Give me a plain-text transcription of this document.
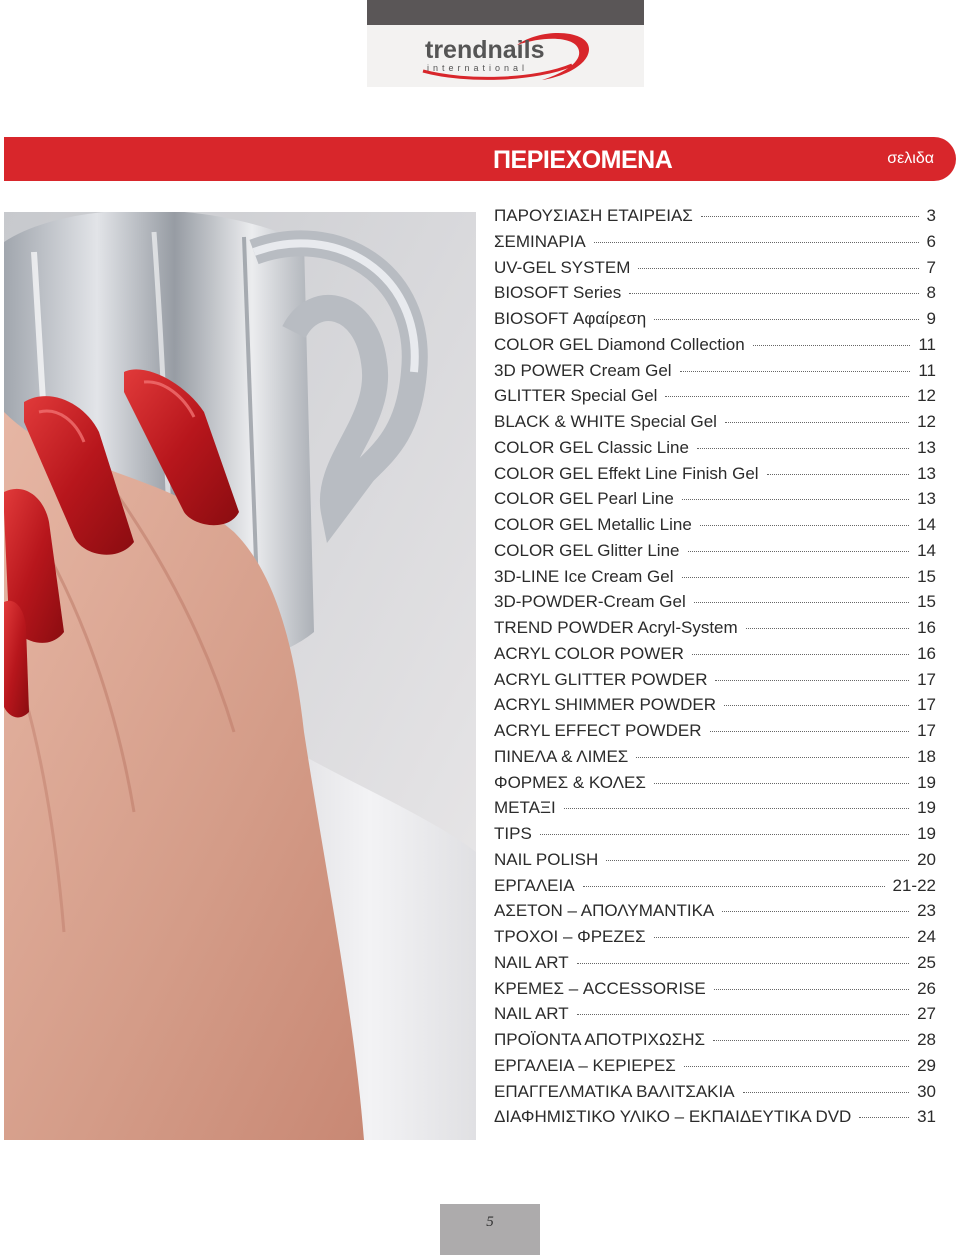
trendnails
international
ΠΕΡΙΕΧΟΜΕΝΑ	σελιδα
ΠΑΡΟΥΣΙΑΣΗ ΕΤΑΙΡΕΙΑΣ	3
ΣΕΜΙΝΑΡΙΑ	6
UV-GEL SYSTEM	7
BIOSOFT Series	8
BIOSOFT Αφαίρεση	9
COLOR GEL Diamond Collection	11
3D POWER Cream Gel	11
GLITTER Special Gel	12
BLACK & WHITE Special Gel	12
COLOR GEL Classic Line	13
COLOR GEL Effekt Line Finish Gel	13
COLOR GEL Pearl Line	13
COLOR GEL Metallic Line	14
COLOR GEL Glitter Line	14
3D-LINE Ice Cream Gel	15
3D-POWDER-Cream Gel	15
TREND POWDER Acryl-System	16
ACRYL COLOR POWER	16
ACRYL GLITTER POWDER	17
ACRYL SHIMMER POWDER	17
ACRYL EFFECT POWDER	17
ΠΙΝΕΛΑ & ΛΙΜΕΣ	18
ΦΟΡΜΕΣ & ΚΟΛΕΣ	19
ΜΕΤΑΞΙ	19
TIPS	19
NAIL POLISH	20
ΕΡΓΑΛΕΙΑ	21-22
ΑΣΕΤΟΝ – ΑΠΟΛΥΜΑΝΤΙΚΑ	23
ΤΡΟΧΟΙ – ΦΡΕΖΕΣ	24
NAIL ART	25
ΚΡΕΜΕΣ – ACCESSORISE	26
NAIL ART	27
ΠΡΟΪΟΝΤΑ ΑΠΟΤΡΙΧΩΣΗΣ	28
ΕΡΓΑΛΕΙΑ – ΚΕΡΙΕΡΕΣ	29
ΕΠΑΓΓΕΛΜΑΤΙΚΑ ΒΑΛΙΤΣΑΚΙΑ	30
ΔΙΑΦΗΜΙΣΤΙΚΟ ΥΛΙΚΟ – ΕΚΠΑΙΔΕΥΤΙΚΑ DVD	31
5
